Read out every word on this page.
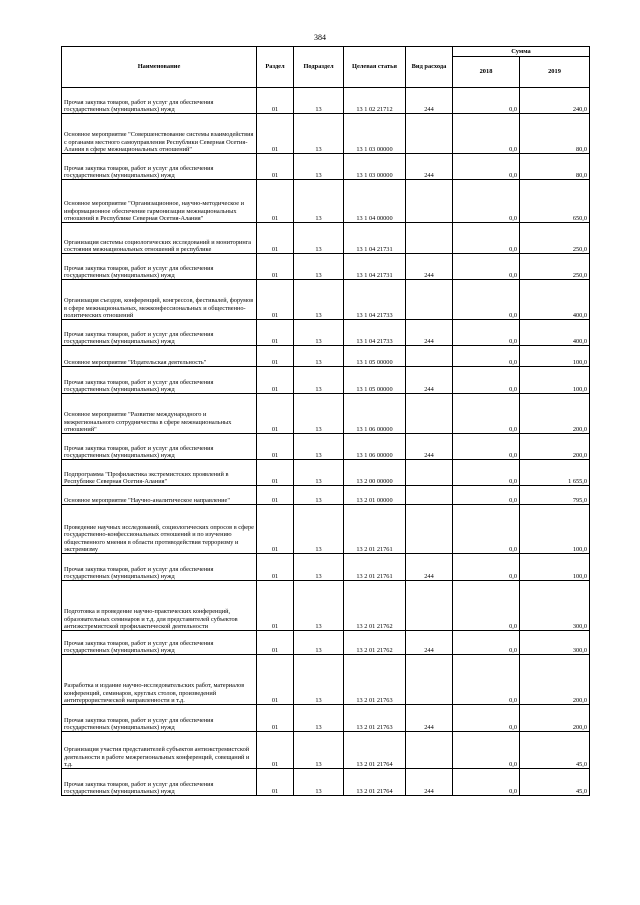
384
Наименование	Раздел	Подраздел	Целевая статья	Вид расхода	Сумма	
					2018	2019
Прочая закупка товаров, работ и услуг для обеспечения государственных (муниципальных) нужд	01	13	13 1 02 21712	244	0,0	240,0
Основное мероприятие "Совершенствование системы взаимодействия с органами местного самоуправления Республики Северная Осетия-Алания в сфере межнациональных отношений"	01	13	13 1 03 00000		0,0	80,0
Прочая закупка товаров, работ и услуг для обеспечения государственных (муниципальных) нужд	01	13	13 1 03 00000	244	0,0	80,0
Основное мероприятие "Организационное, научно-методическое и информационное обеспечение гармонизации межнациональных отношений в Республике Северная Осетия-Алания"	01	13	13 1 04 00000		0,0	650,0
Организация системы социологических исследований и мониторинга состояния межнациональных отношений в республике	01	13	13 1 04 21731		0,0	250,0
Прочая закупка товаров, работ и услуг для обеспечения государственных (муниципальных) нужд	01	13	13 1 04 21731	244	0,0	250,0
Организация съездов, конференций, конгрессов, фестивалей, форумов в сфере межнациональных, межконфессиональных и общественно-политических отношений	01	13	13 1 04 21733		0,0	400,0
Прочая закупка товаров, работ и услуг для обеспечения государственных (муниципальных) нужд	01	13	13 1 04 21733	244	0,0	400,0
Основное мероприятие "Издательская деятельность"	01	13	13 1 05 00000		0,0	100,0
Прочая закупка товаров, работ и услуг для обеспечения государственных (муниципальных) нужд	01	13	13 1 05 00000	244	0,0	100,0
Основное мероприятие "Развитие международного и межрегионального сотрудничества в сфере межнациональных отношений"	01	13	13 1 06 00000		0,0	200,0
Прочая закупка товаров, работ и услуг для обеспечения государственных (муниципальных) нужд	01	13	13 1 06 00000	244	0,0	200,0
Подпрограмма "Профилактика экстремистских проявлений в Республике Северная Осетия-Алания"	01	13	13 2 00 00000		0,0	1 655,0
Основное мероприятие "Научно-аналитическое направление"	01	13	13 2 01 00000		0,0	795,0
Проведение научных исследований, социологических опросов в сфере государственно-конфессиональных отношений и по изучению общественного мнения в области противодействия терроризму и экстремизму	01	13	13 2 01 21761		0,0	100,0
Прочая закупка товаров, работ и услуг для обеспечения государственных (муниципальных) нужд	01	13	13 2 01 21761	244	0,0	100,0
Подготовка и проведение научно-практических конференций, образовательных семинаров и т.д. для представителей субъектов антиэкстремистской профилактической деятельности	01	13	13 2 01 21762		0,0	300,0
Прочая закупка товаров, работ и услуг для обеспечения государственных (муниципальных) нужд	01	13	13 2 01 21762	244	0,0	300,0
Разработка и издание научно-исследовательских работ, материалов конференций, семинаров, круглых столов, произведений антитеррористической направленности и т.д.	01	13	13 2 01 21763		0,0	200,0
Прочая закупка товаров, работ и услуг для обеспечения государственных (муниципальных) нужд	01	13	13 2 01 21763	244	0,0	200,0
Организация участия представителей субъектов антиэкстремистской деятельности в работе межрегиональных конференций, совещаний и т.д.	01	13	13 2 01 21764		0,0	45,0
Прочая закупка товаров, работ и услуг для обеспечения государственных (муниципальных) нужд	01	13	13 2 01 21764	244	0,0	45,0
